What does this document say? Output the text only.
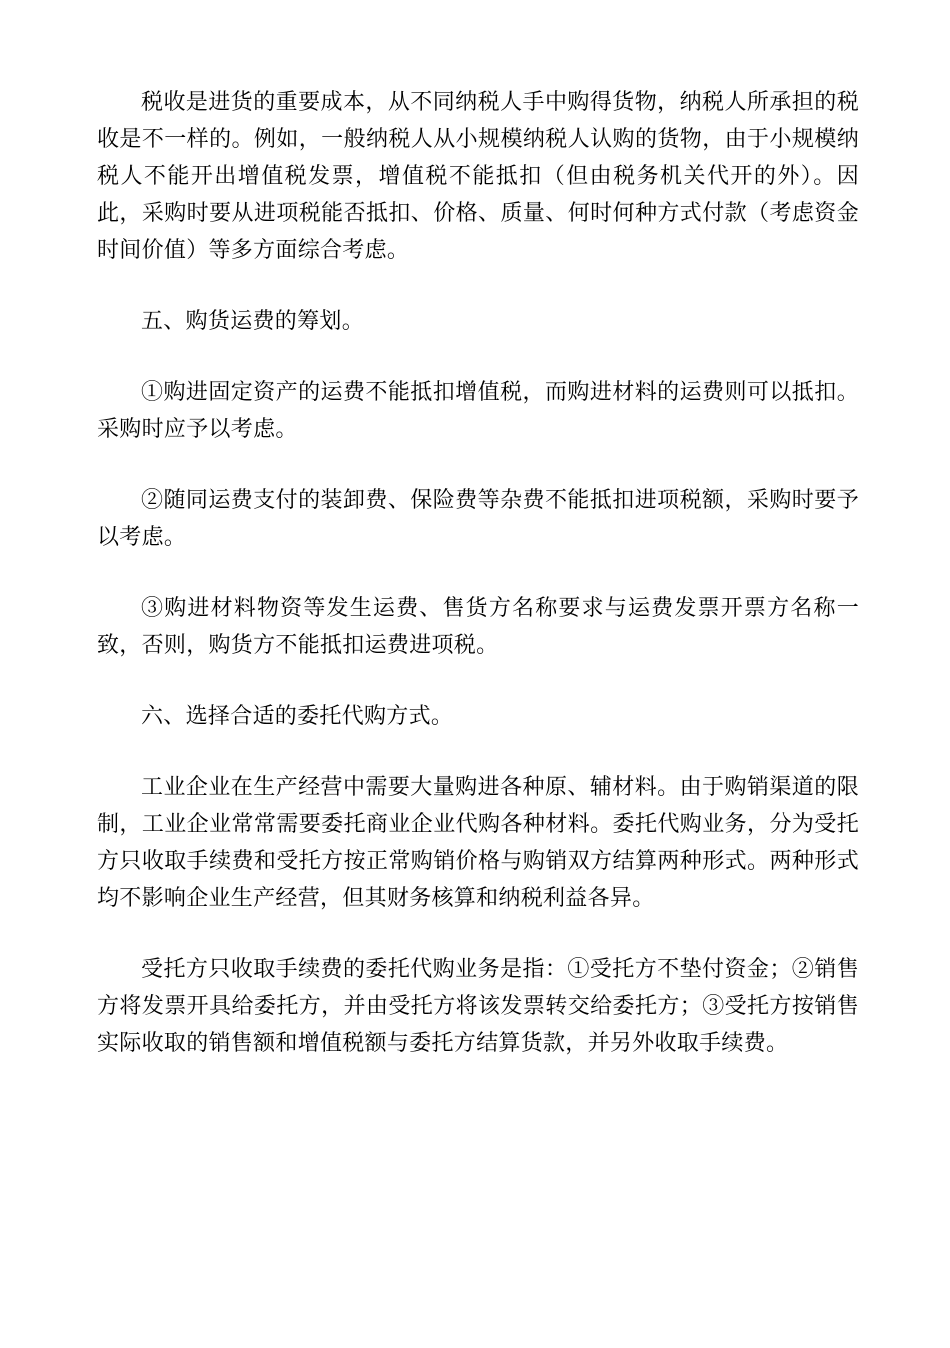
税收是进货的重要成本，从不同纳税人手中购得货物，纳税人所承担的税收是不一样的。例如，一般纳税人从小规模纳税人认购的货物，由于小规模纳税人不能开出增值税发票，增值税不能抵扣（但由税务机关代开的外）。因此，采购时要从进项税能否抵扣、价格、质量、何时何种方式付款（考虑资金时间价值）等多方面综合考虑。

五、购货运费的筹划。

①购进固定资产的运费不能抵扣增值税，而购进材料的运费则可以抵扣。采购时应予以考虑。

②随同运费支付的装卸费、保险费等杂费不能抵扣进项税额，采购时要予以考虑。

③购进材料物资等发生运费、售货方名称要求与运费发票开票方名称一致，否则，购货方不能抵扣运费进项税。

六、选择合适的委托代购方式。

工业企业在生产经营中需要大量购进各种原、辅材料。由于购销渠道的限制，工业企业常常需要委托商业企业代购各种材料。委托代购业务，分为受托方只收取手续费和受托方按正常购销价格与购销双方结算两种形式。两种形式均不影响企业生产经营，但其财务核算和纳税利益各异。

受托方只收取手续费的委托代购业务是指：①受托方不垫付资金；②销售方将发票开具给委托方，并由受托方将该发票转交给委托方；③受托方按销售实际收取的销售额和增值税额与委托方结算货款，并另外收取手续费。
